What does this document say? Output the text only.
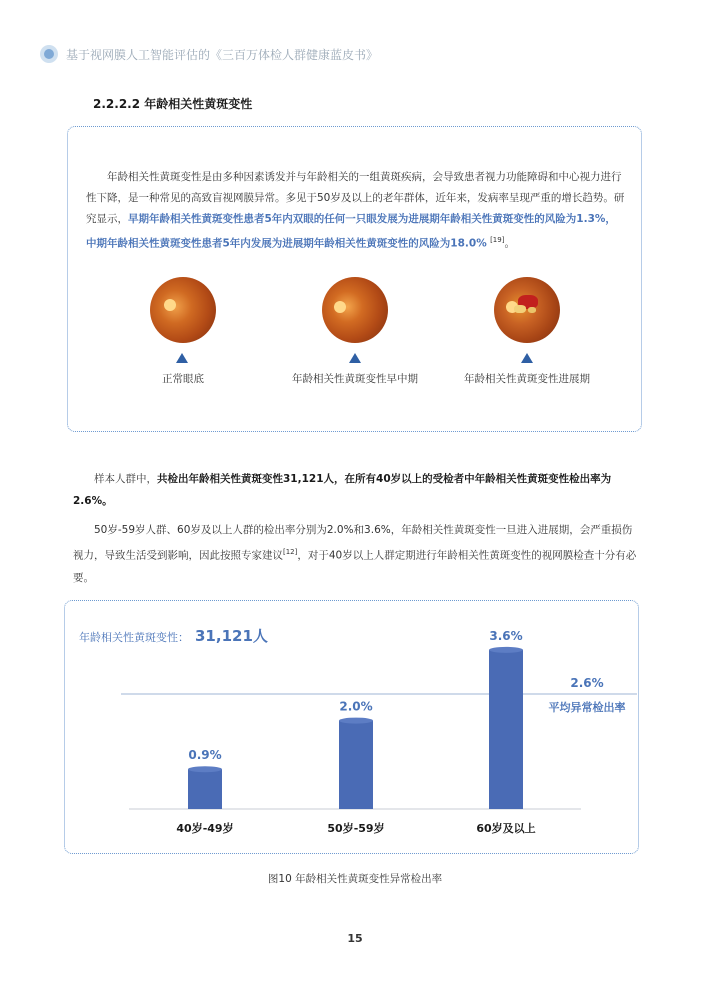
基于视网膜人工智能评估的《三百万体检人群健康蓝皮书》
2.2.2.2 年龄相关性黄斑变性
年龄相关性黄斑变性是由多种因素诱发并与年龄相关的一组黄斑疾病，会导致患者视力功能障碍和中心视力进行性下降，是一种常见的高致盲视网膜异常。多见于50岁及以上的老年群体，近年来，发病率呈现严重的增长趋势。研究显示，早期年龄相关性黄斑变性患者5年内双眼的任何一只眼发展为进展期年龄相关性黄斑变性的风险为1.3%，
中期年龄相关性黄斑变性患者5年内发展为进展期年龄相关性黄斑变性的风险为18.0% [19]。
正常眼底	年龄相关性黄斑变性早中期	年龄相关性黄斑变性进展期
样本人群中，共检出年龄相关性黄斑变性31,121人，在所有40岁以上的受检者中年龄相关性黄斑变性检出率为2.6%。
50岁-59岁人群、60岁及以上人群的检出率分别为2.0%和3.6%，年龄相关性黄斑变性一旦进入进展期，会严重损伤视力，导致生活受到影响，因此按照专家建议[12]，对于40岁以上人群定期进行年龄相关性黄斑变性的视网膜检查十分有必要。
年龄相关性黄斑变性： 31,121人
2.6%
平均异常检出率
0.9%
40岁-49岁
2.0%
50岁-59岁
3.6%
60岁及以上
图10 年龄相关性黄斑变性异常检出率
15
